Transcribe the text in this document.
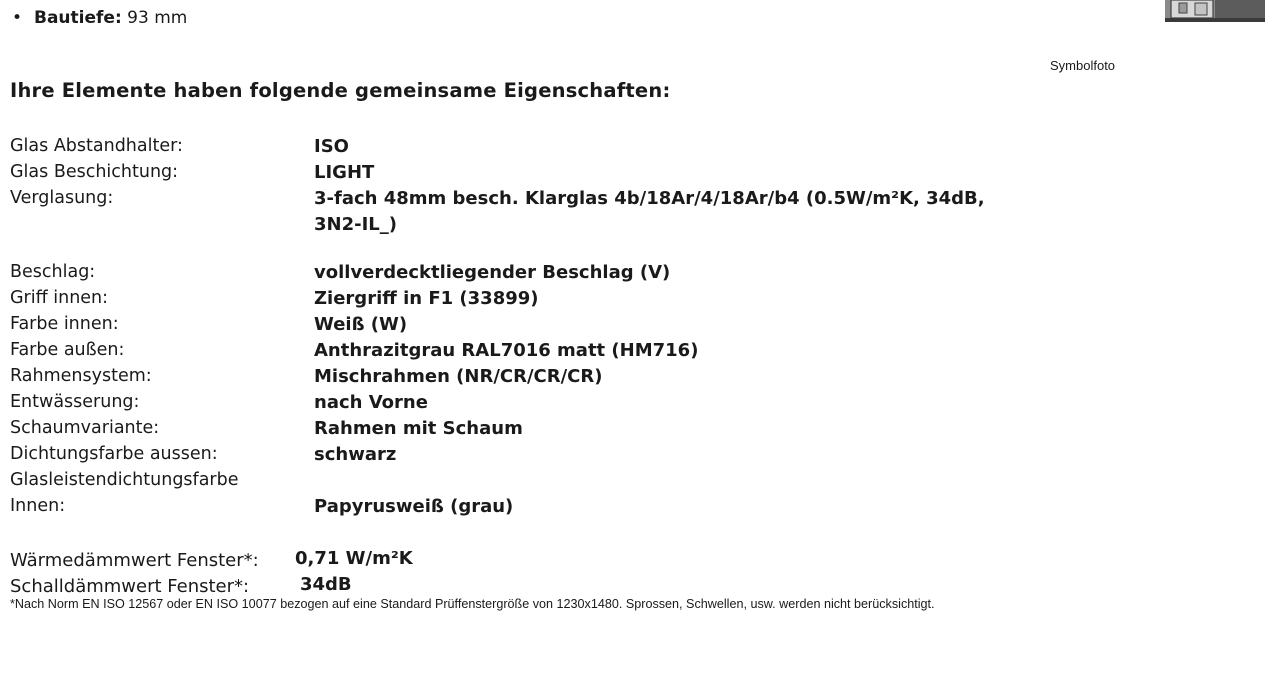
• Bautiefe: 93 mm
Symbolfoto
Ihre Elemente haben folgende gemeinsame Eigenschaften:
Glas Abstandhalter:	ISO
Glas Beschichtung:	LIGHT
Verglasung:	3-fach 48mm besch. Klarglas 4b/18Ar/4/18Ar/b4 (0.5W/m²K, 34dB,
3N2-IL_)
Beschlag:	vollverdecktliegender Beschlag (V)
Griff innen:	Ziergriff in F1 (33899)
Farbe innen:	Weiß (W)
Farbe außen:	Anthrazitgrau RAL7016 matt (HM716)
Rahmensystem:	Mischrahmen (NR/CR/CR/CR)
Entwässerung:	nach Vorne
Schaumvariante:	Rahmen mit Schaum
Dichtungsfarbe aussen:	schwarz
Glasleistendichtungsfarbe
Innen:	Papyrusweiß (grau)
Wärmedämmwert Fenster*: 0,71 W/m²K
Schalldämmwert Fenster*:	34dB
*Nach Norm EN ISO 12567 oder EN ISO 10077 bezogen auf eine Standard Prüffenstergröße von 1230x1480. Sprossen, Schwellen, usw. werden nicht berücksichtigt.
